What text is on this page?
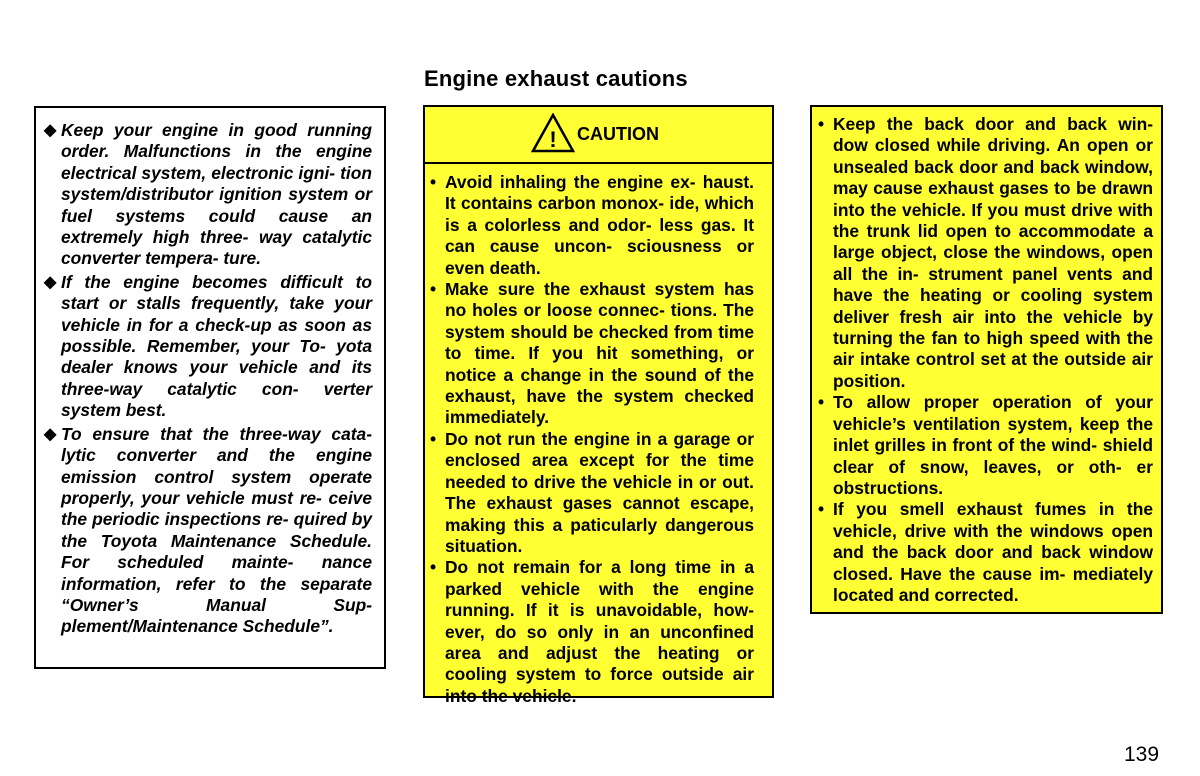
Engine exhaust cautions
◆ Keep your engine in good running order. Malfunctions in the engine electrical system, electronic igni- tion system/distributor ignition system or fuel systems could cause an extremely high three- way catalytic converter tempera- ture.
◆ If the engine becomes difficult to start or stalls frequently, take your vehicle in for a check-up as soon as possible. Remember, your To- yota dealer knows your vehicle and its three-way catalytic con- verter system best.
◆ To ensure that the three-way cata- lytic converter and the engine emission control system operate properly, your vehicle must re- ceive the periodic inspections re- quired by the Toyota Maintenance Schedule. For scheduled mainte- nance information, refer to the separate “Owner’s Manual Sup- plement/Maintenance Schedule”.
! CAUTION
• Avoid inhaling the engine ex- haust. It contains carbon monox- ide, which is a colorless and odor- less gas. It can cause uncon- sciousness or even death.
• Make sure the exhaust system has no holes or loose connec- tions. The system should be checked from time to time. If you hit something, or notice a change in the sound of the exhaust, have the system checked immediately.
• Do not run the engine in a garage or enclosed area except for the time needed to drive the vehicle in or out. The exhaust gases cannot escape, making this a paticularly dangerous situation.
• Do not remain for a long time in a parked vehicle with the engine running. If it is unavoidable, how- ever, do so only in an unconfined area and adjust the heating or cooling system to force outside air into the vehicle.
• Keep the back door and back win- dow closed while driving. An open or unsealed back door and back window, may cause exhaust gases to be drawn into the vehicle. If you must drive with the trunk lid open to accommodate a large object, close the windows, open all the in- strument panel vents and have the heating or cooling system deliver fresh air into the vehicle by turning the fan to high speed with the air intake control set at the outside air position.
• To allow proper operation of your vehicle’s ventilation system, keep the inlet grilles in front of the wind- shield clear of snow, leaves, or oth- er obstructions.
• If you smell exhaust fumes in the vehicle, drive with the windows open and the back door and back window closed. Have the cause im- mediately located and corrected.
139
